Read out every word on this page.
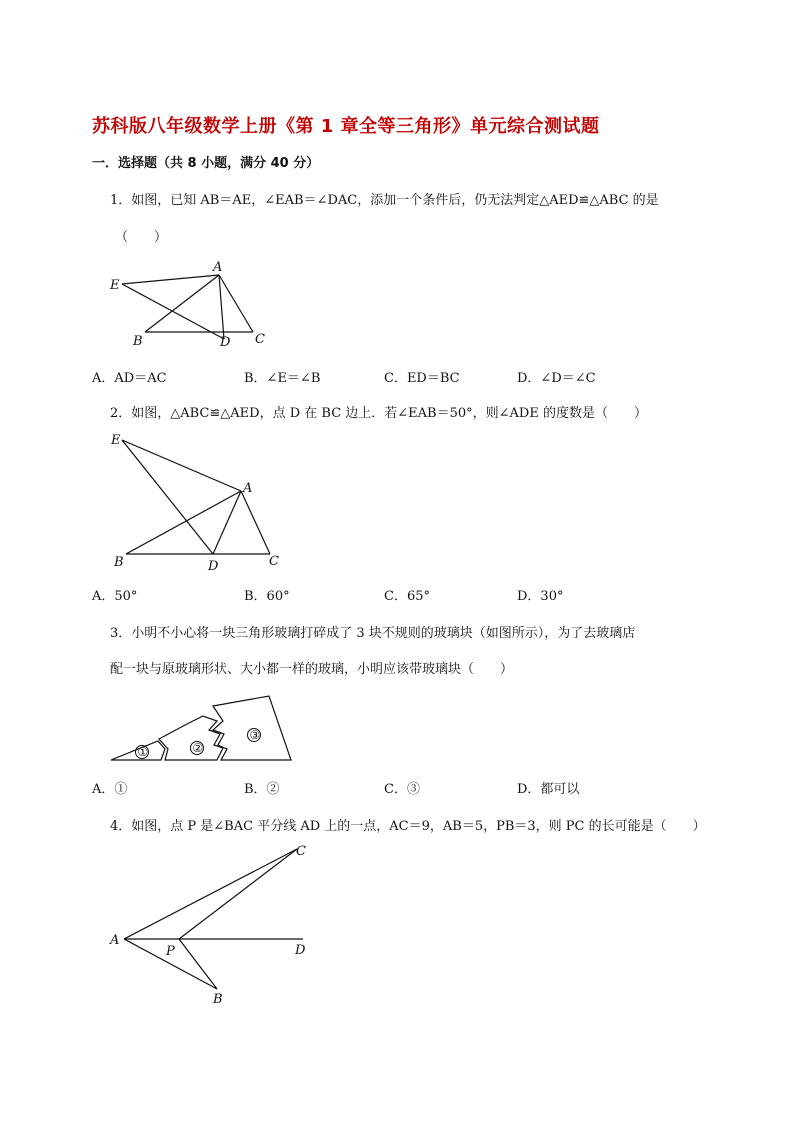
苏科版八年级数学上册《第 1 章全等三角形》单元综合测试题
一．选择题（共 8 小题，满分 40 分）
1．如图，已知 AB＝AE，∠EAB＝∠DAC，添加一个条件后，仍无法判定△AED≌△ABC 的是
（　　）
E
A
B	D C
A．AD＝AC	B．∠E＝∠B	C．ED＝BC	D．∠D＝∠C
2．如图，△ABC≌△AED，点 D 在 BC 边上．若∠EAB＝50°，则∠ADE 的度数是（　　）
E
A
B	D	C
A．50°	B．60°	C．65°	D．30°
3．小明不小心将一块三角形玻璃打碎成了 3 块不规则的玻璃块（如图所示），为了去玻璃店
配一块与原玻璃形状、大小都一样的玻璃，小明应该带玻璃块（　　）
①	②
③
A．①	B．②	C．③	D．都可以
4．如图，点 P 是∠BAC 平分线 AD 上的一点，AC＝9，AB＝5，PB＝3，则 PC 的长可能是（　　）
A
P
B
C
D
